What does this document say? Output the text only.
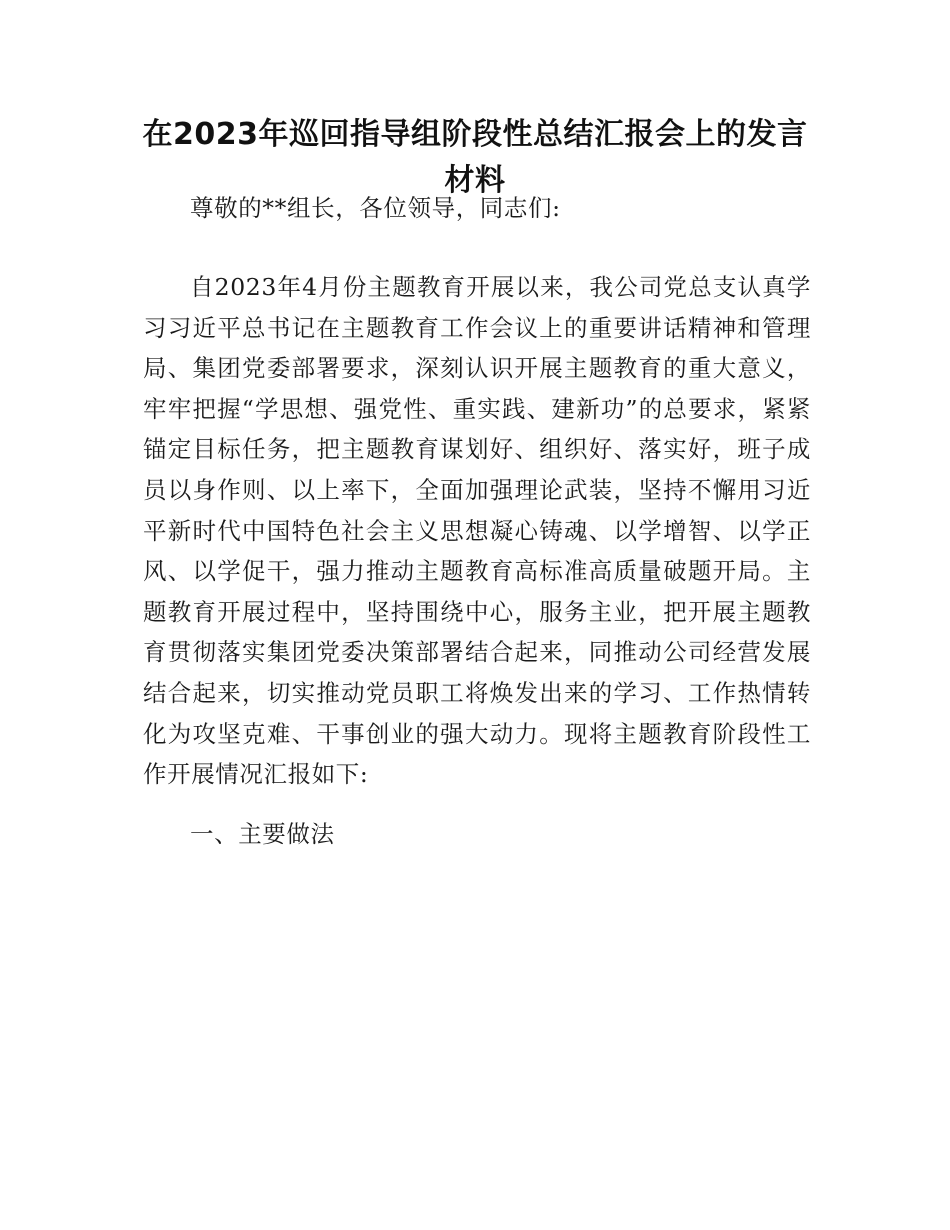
在2023年巡回指导组阶段性总结汇报会上的发言材料

尊敬的**组长，各位领导，同志们:

自2023年4月份主题教育开展以来，我公司党总支认真学习习近平总书记在主题教育工作会议上的重要讲话精神和管理局、集团党委部署要求，深刻认识开展主题教育的重大意义，牢牢把握“学思想、强党性、重实践、建新功”的总要求，紧紧锚定目标任务，把主题教育谋划好、组织好、落实好，班子成员以身作则、以上率下，全面加强理论武装，坚持不懈用习近平新时代中国特色社会主义思想凝心铸魂、以学增智、以学正风、以学促干，强力推动主题教育高标准高质量破题开局。主题教育开展过程中，坚持围绕中心，服务主业，把开展主题教育贯彻落实集团党委决策部署结合起来，同推动公司经营发展结合起来，切实推动党员职工将焕发出来的学习、工作热情转化为攻坚克难、干事创业的强大动力。现将主题教育阶段性工作开展情况汇报如下:

一、主要做法
